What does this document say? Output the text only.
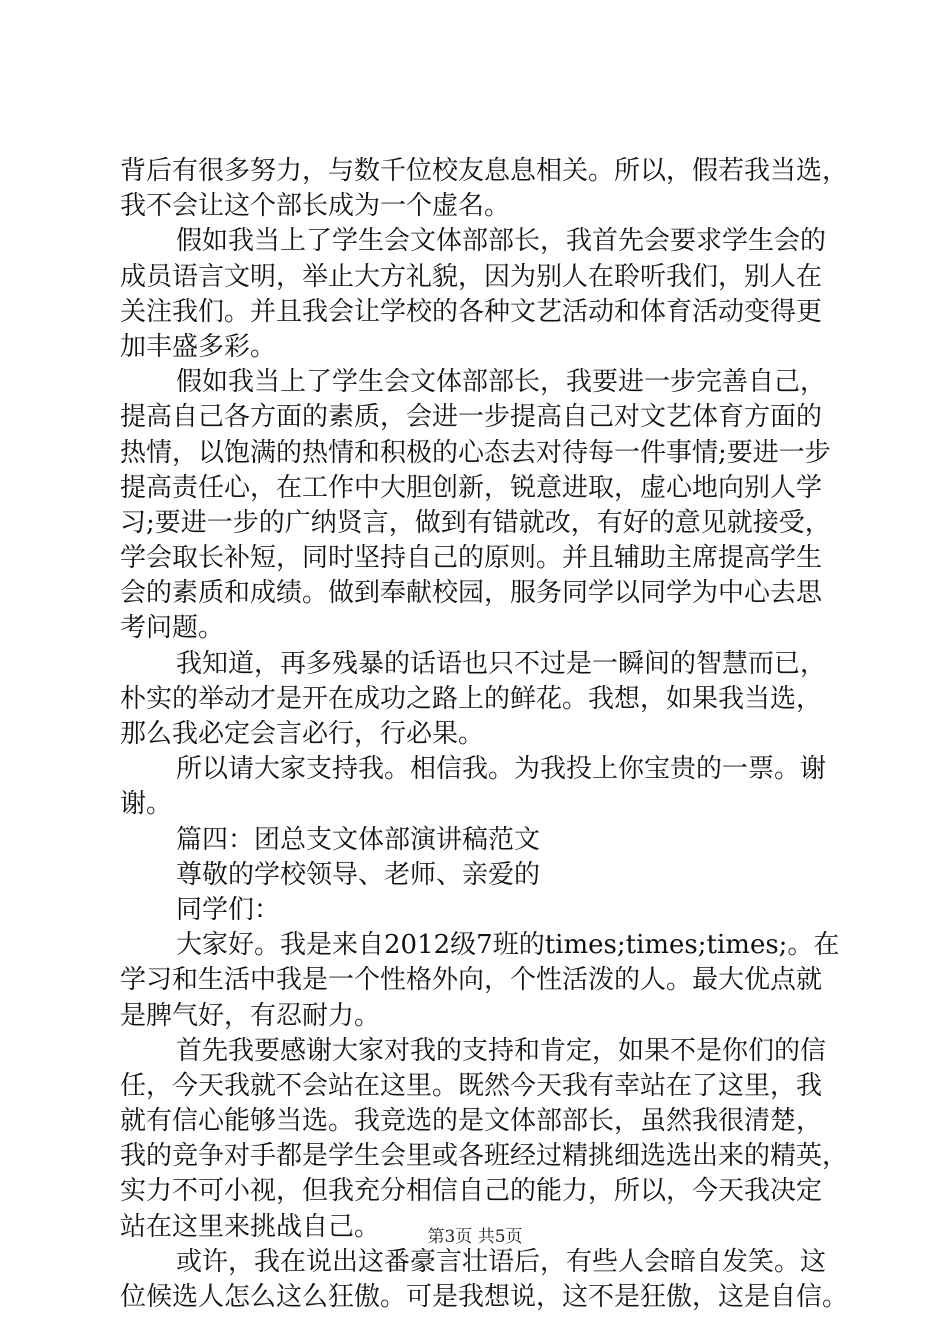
背后有很多努力，与数千位校友息息相关。所以，假若我当选，
我不会让这个部长成为一个虚名。
假如我当上了学生会文体部部长，我首先会要求学生会的
成员语言文明，举止大方礼貌，因为别人在聆听我们，别人在
关注我们。并且我会让学校的各种文艺活动和体育活动变得更
加丰盛多彩。
假如我当上了学生会文体部部长，我要进一步完善自己，
提高自己各方面的素质，会进一步提高自己对文艺体育方面的
热情，以饱满的热情和积极的心态去对待每一件事情;要进一步
提高责任心，在工作中大胆创新，锐意进取，虚心地向别人学
习;要进一步的广纳贤言，做到有错就改，有好的意见就接受，
学会取长补短，同时坚持自己的原则。并且辅助主席提高学生
会的素质和成绩。做到奉献校园，服务同学以同学为中心去思
考问题。
我知道，再多残暴的话语也只不过是一瞬间的智慧而已，
朴实的举动才是开在成功之路上的鲜花。我想，如果我当选，
那么我必定会言必行，行必果。
所以请大家支持我。相信我。为我投上你宝贵的一票。谢
谢。
篇四：团总支文体部演讲稿范文
尊敬的学校领导、老师、亲爱的
同学们：
大家好。我是来自2012级7班的times;times;times;。在
学习和生活中我是一个性格外向，个性活泼的人。最大优点就
是脾气好，有忍耐力。
首先我要感谢大家对我的支持和肯定，如果不是你们的信
任，今天我就不会站在这里。既然今天我有幸站在了这里，我
就有信心能够当选。我竞选的是文体部部长，虽然我很清楚，
我的竞争对手都是学生会里或各班经过精挑细选选出来的精英，
实力不可小视，但我充分相信自己的能力，所以，今天我决定
站在这里来挑战自己。
或许，我在说出这番豪言壮语后，有些人会暗自发笑。这
位候选人怎么这么狂傲。可是我想说，这不是狂傲，这是自信。
第3页 共5页
